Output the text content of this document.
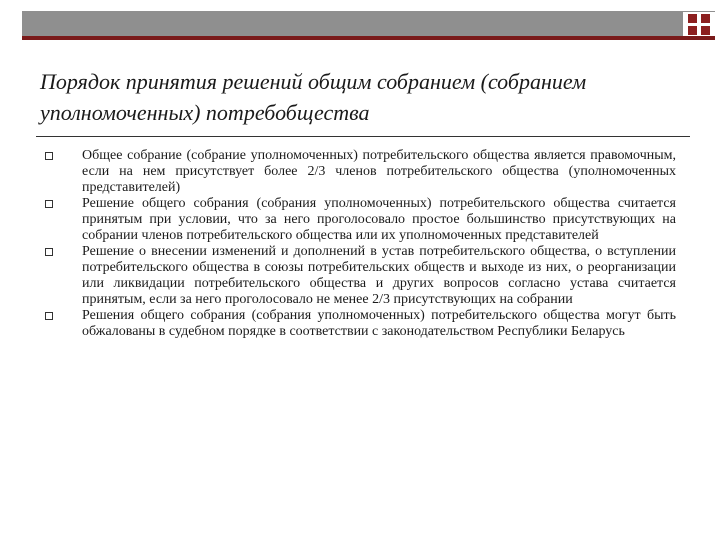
Порядок принятия решений общим собранием (собранием уполномоченных) потребобщества
Общее собрание (собрание уполномоченных) потребительского общества является правомочным, если на нем присутствует более 2/3 членов потребительского общества (уполномоченных представителей)
Решение общего собрания (собрания уполномоченных) потребительского общества считается принятым при условии, что за него проголосовало простое большинство присутствующих на собрании членов потребительского общества или их уполномоченных представителей
Решение о внесении изменений и дополнений в устав потребительского общества, о вступлении потребительского общества в союзы потребительских обществ и выходе из них, о реорганизации или ликвидации потребительского общества и других вопросов согласно устава считается принятым, если за него проголосовало не менее 2/3 присутствующих на собрании
Решения общего собрания (собрания уполномоченных) потребительского общества могут быть обжалованы в судебном порядке в соответствии с законодательством Республики Беларусь
